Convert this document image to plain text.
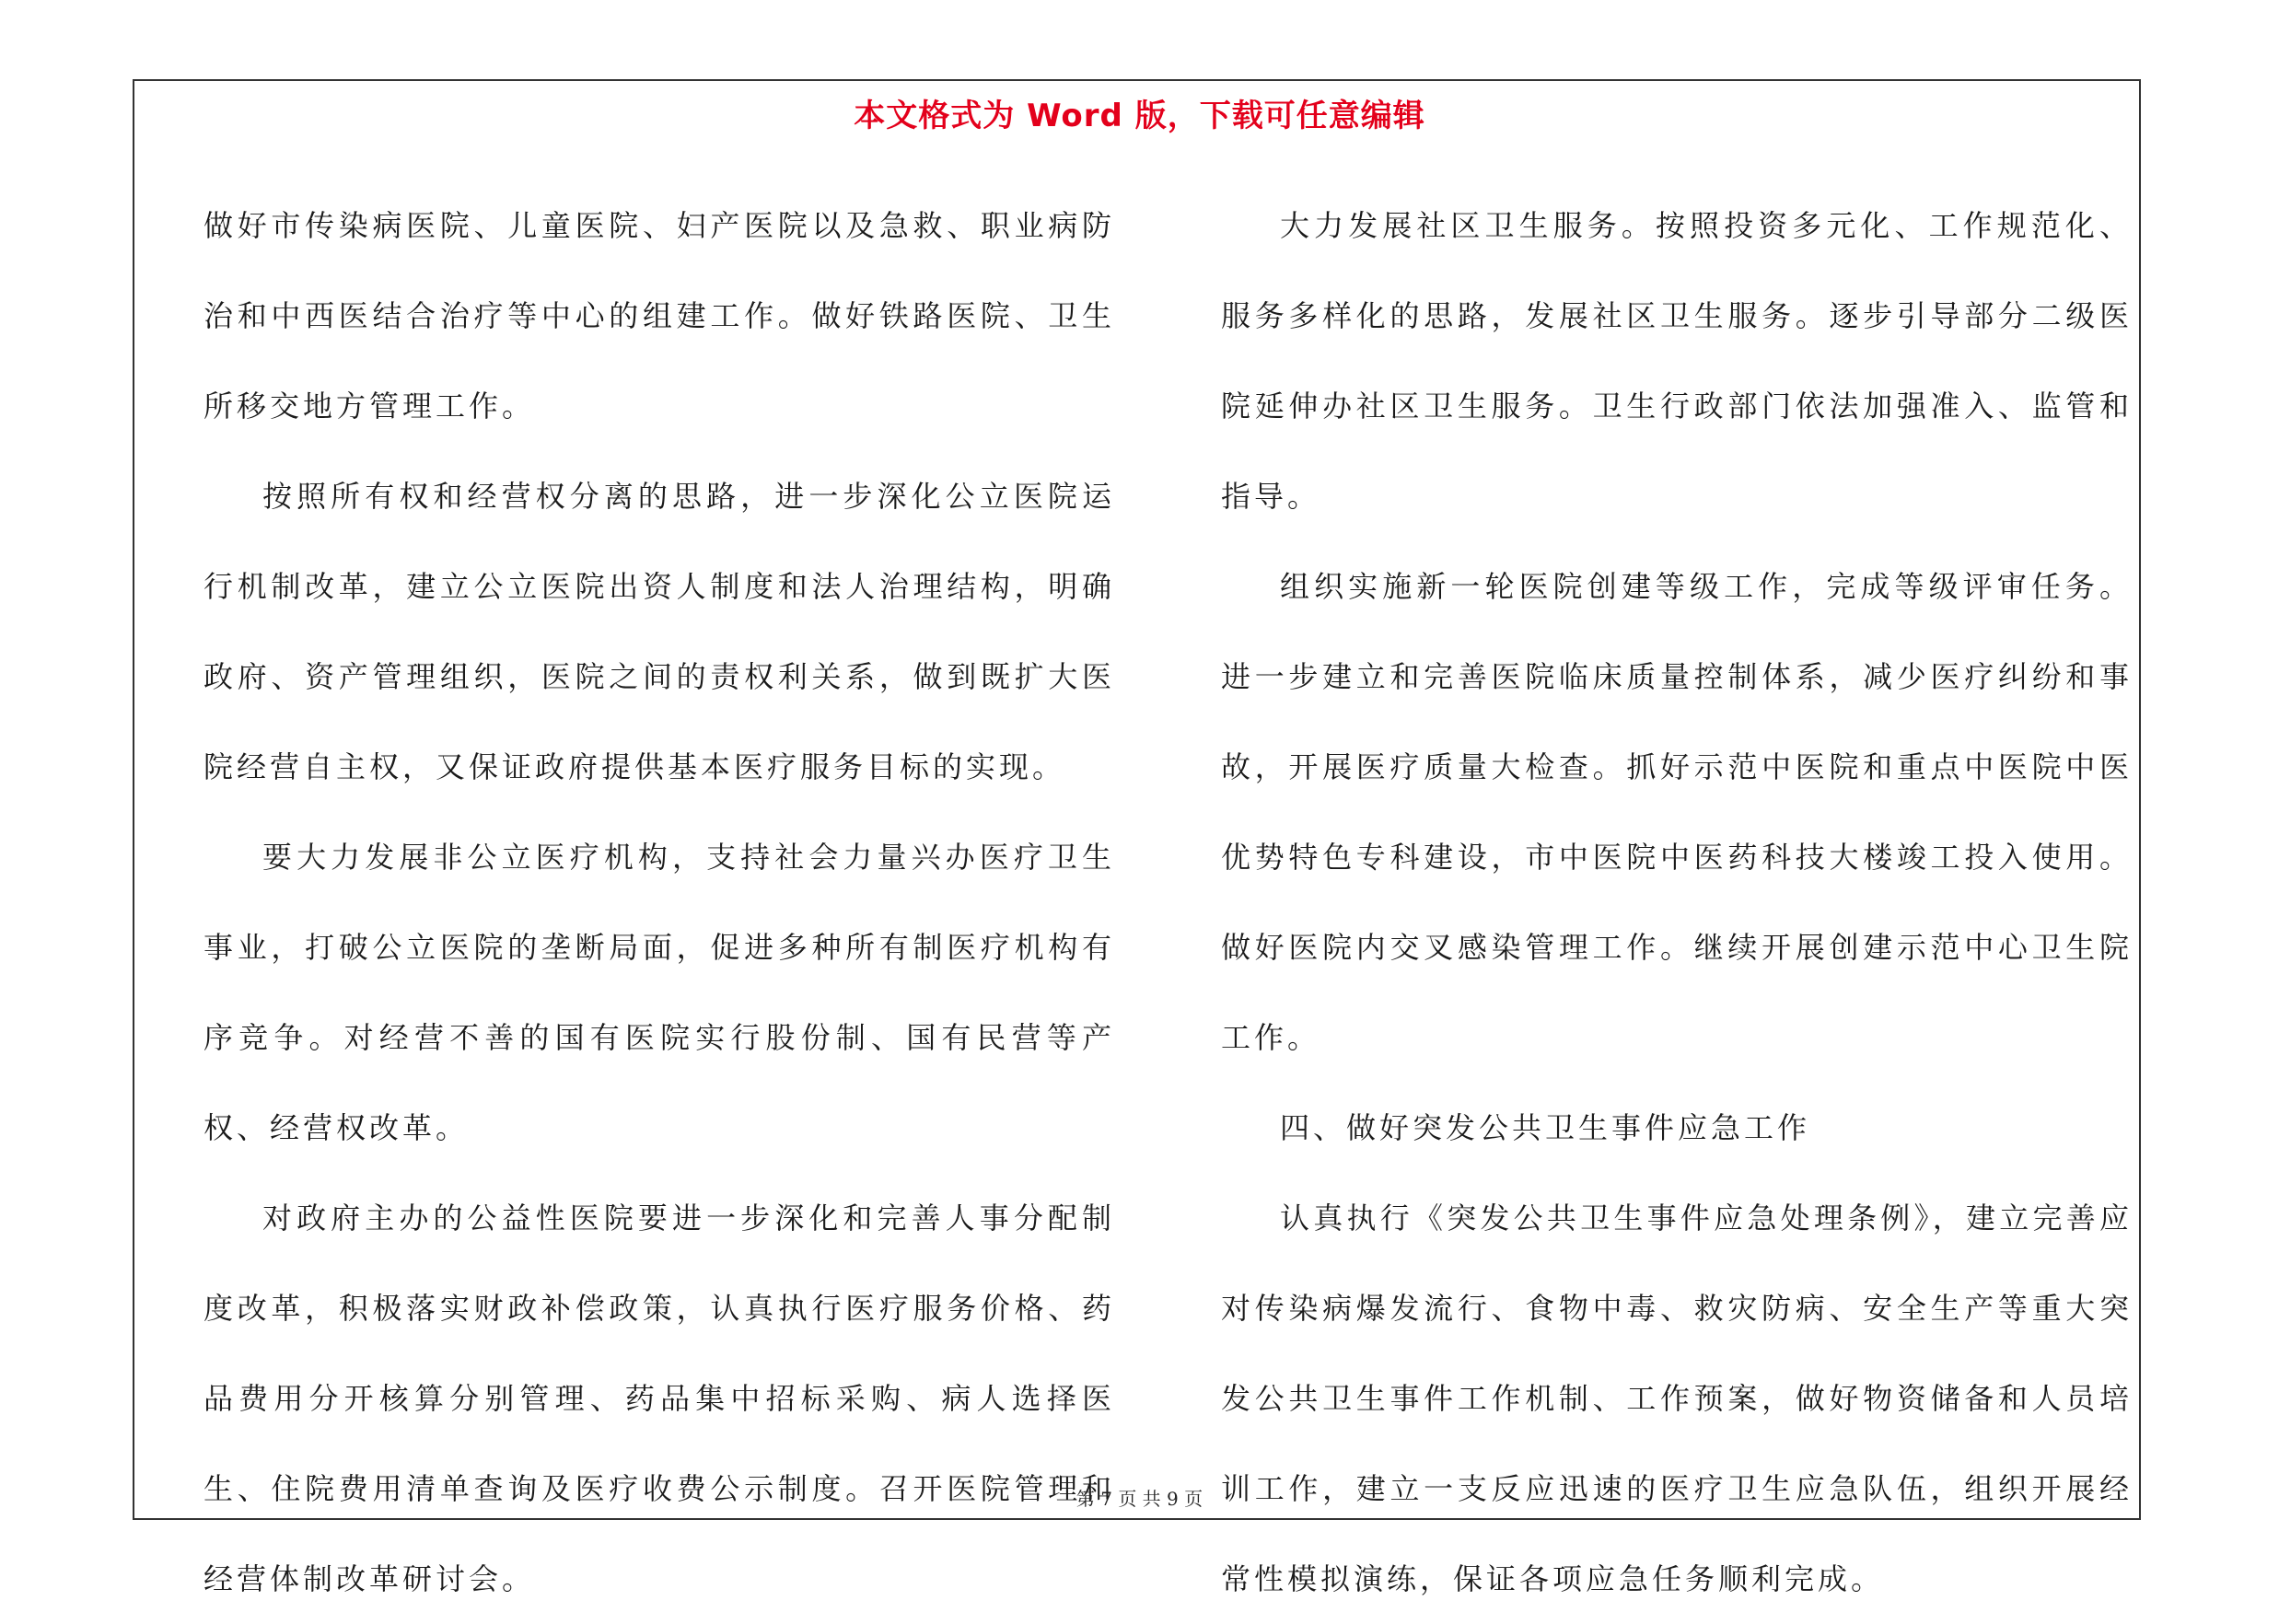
本文格式为 Word 版，下载可任意编辑

做好市传染病医院、儿童医院、妇产医院以及急救、职业病防治和中西医结合治疗等中心的组建工作。做好铁路医院、卫生所移交地方管理工作。

按照所有权和经营权分离的思路，进一步深化公立医院运行机制改革，建立公立医院出资人制度和法人治理结构，明确政府、资产管理组织，医院之间的责权利关系，做到既扩大医院经营自主权，又保证政府提供基本医疗服务目标的实现。

要大力发展非公立医疗机构，支持社会力量兴办医疗卫生事业，打破公立医院的垄断局面，促进多种所有制医疗机构有序竞争。对经营不善的国有医院实行股份制、国有民营等产权、经营权改革。

对政府主办的公益性医院要进一步深化和完善人事分配制度改革，积极落实财政补偿政策，认真执行医疗服务价格、药品费用分开核算分别管理、药品集中招标采购、病人选择医生、住院费用清单查询及医疗收费公示制度。召开医院管理和经营体制改革研讨会。

大力发展社区卫生服务。按照投资多元化、工作规范化、服务多样化的思路，发展社区卫生服务。逐步引导部分二级医院延伸办社区卫生服务。卫生行政部门依法加强准入、监管和指导。

组织实施新一轮医院创建等级工作，完成等级评审任务。进一步建立和完善医院临床质量控制体系，减少医疗纠纷和事故，开展医疗质量大检查。抓好示范中医院和重点中医院中医优势特色专科建设，市中医院中医药科技大楼竣工投入使用。做好医院内交叉感染管理工作。继续开展创建示范中心卫生院工作。

四、做好突发公共卫生事件应急工作

认真执行《突发公共卫生事件应急处理条例》，建立完善应对传染病爆发流行、食物中毒、救灾防病、安全生产等重大突发公共卫生事件工作机制、工作预案，做好物资储备和人员培训工作，建立一支反应迅速的医疗卫生应急队伍，组织开展经常性模拟演练，保证各项应急任务顺利完成。

第 7 页 共 9 页
